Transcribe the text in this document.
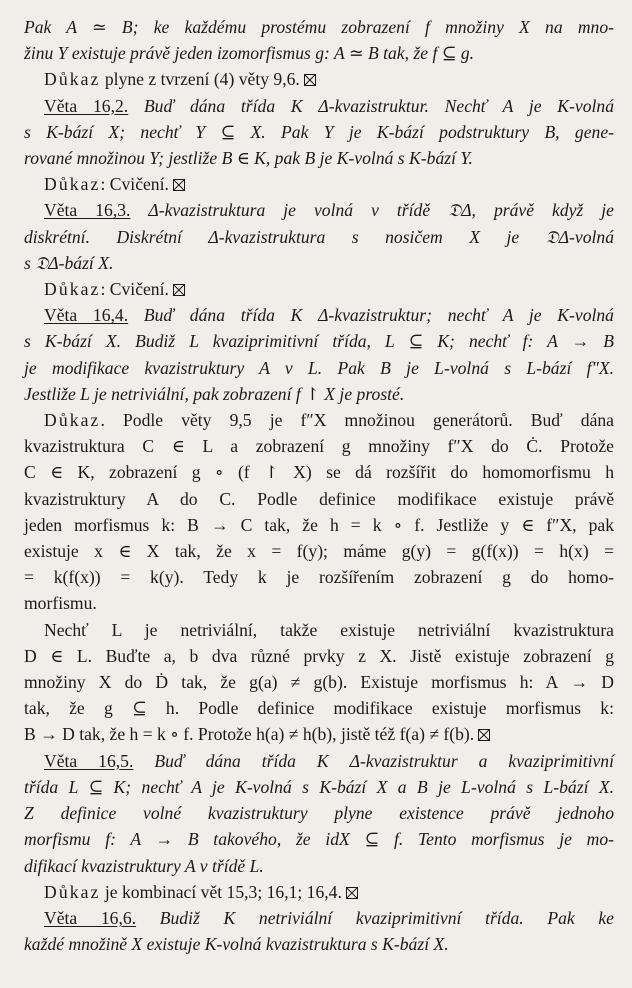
Pak A ≃ B; ke každému prostému zobrazení f množiny X na mno-
žinu Y existuje právě jeden izomorfismus g: A ≃ B tak, že f ⊆ g.
Důkaz plyne z tvrzení (4) věty 9,6.
Věta 16,2. Buď dána třída K Δ-kvazistruktur. Nechť A je K-volná
s K-bází X; nechť Y ⊆ X. Pak Y je K-bází podstruktury B, gene-
rované množinou Y; jestliže B ∈ K, pak B je K-volná s K-bází Y.
Důkaz: Cvičení.
Věta 16,3. Δ-kvazistruktura je volná v třídě 𝔇Δ, právě když je
diskrétní. Diskrétní Δ-kvazistruktura s nosičem X je 𝔇Δ-volná
s 𝔇Δ-bází X.
Důkaz: Cvičení.
Věta 16,4. Buď dána třída K Δ-kvazistruktur; nechť A je K-volná
s K-bází X. Budiž L kvaziprimitivní třída, L ⊆ K; nechť f: A → B
je modifikace kvazistruktury A v L. Pak B je L-volná s L-bází f″X.
Jestliže L je netriviální, pak zobrazení f ↾ X je prosté.
Důkaz. Podle věty 9,5 je f″X množinou generátorů. Buď dána
kvazistruktura C ∈ L a zobrazení g množiny f″X do Ċ. Protože
C ∈ K, zobrazení g ∘ (f ↾ X) se dá rozšířit do homomorfismu h
kvazistruktury A do C. Podle definice modifikace existuje právě
jeden morfismus k: B → C tak, že h = k ∘ f. Jestliže y ∈ f″X, pak
existuje x ∈ X tak, že x = f(y); máme g(y) = g(f(x)) = h(x) =
= k(f(x)) = k(y). Tedy k je rozšířením zobrazení g do homo-
morfismu.
Nechť L je netriviální, takže existuje netriviální kvazistruktura
D ∈ L. Buďte a, b dva různé prvky z X. Jistě existuje zobrazení g
množiny X do Ḋ tak, že g(a) ≠ g(b). Existuje morfismus h: A → D
tak, že g ⊆ h. Podle definice modifikace existuje morfismus k:
B → D tak, že h = k ∘ f. Protože h(a) ≠ h(b), jistě též f(a) ≠ f(b).
Věta 16,5. Buď dána třída K Δ-kvazistruktur a kvaziprimitivní
třída L ⊆ K; nechť A je K-volná s K-bází X a B je L-volná s L-bází X.
Z definice volné kvazistruktury plyne existence právě jednoho
morfismu f: A → B takového, že idX ⊆ f. Tento morfismus je mo-
difikací kvazistruktury A v třídě L.
Důkaz je kombinací vět 15,3; 16,1; 16,4.
Věta 16,6. Budiž K netriviální kvaziprimitivní třída. Pak ke
každé množině X existuje K-volná kvazistruktura s K-bází X.
